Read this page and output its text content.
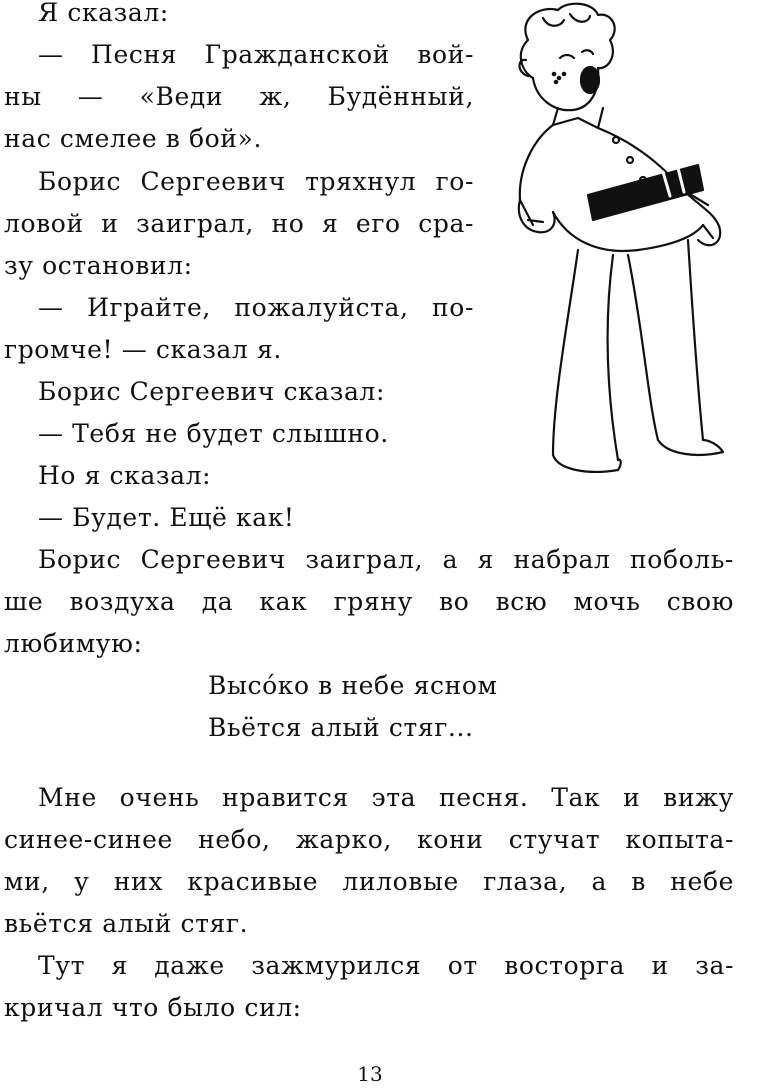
Я сказал:
— Песня Гражданской вой-
ны — «Веди ж, Будённый,
нас смелее в бой».
Борис Сергеевич тряхнул го-
ловой и заиграл, но я его сра-
зу остановил:
— Играйте, пожалуйста, по-
громче! — сказал я.
Борис Сергеевич сказал:
— Тебя не будет слышно.
Но я сказал:
— Будет. Ещё как!
Борис Сергеевич заиграл, а я набрал поболь-
ше воздуха да как гряну во всю мочь свою
любимую:
Высо́ко в небе ясном
Вьётся алый стяг...
Мне очень нравится эта песня. Так и вижу
синее-синее небо, жарко, кони стучат копыта-
ми, у них красивые лиловые глаза, а в небе
вьётся алый стяг.
Тут я даже зажмурился от восторга и за-
кричал что было сил:
13
